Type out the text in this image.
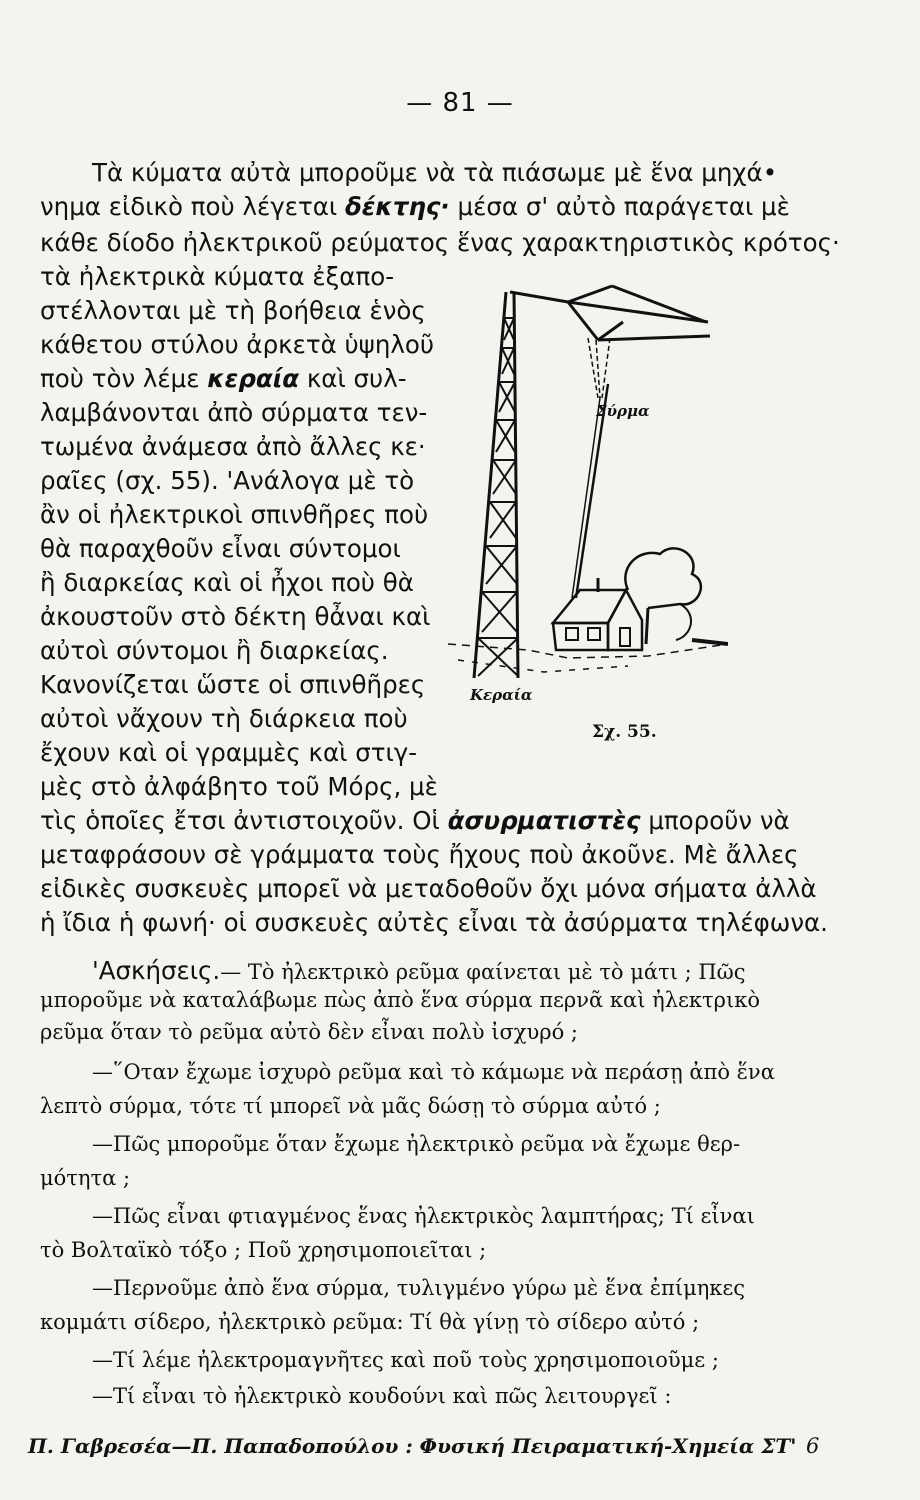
— 81 —
Τὰ κύματα αὐτὰ μποροῦμε νὰ τὰ πιάσωμε μὲ ἕνα μηχά•
νημα εἰδικὸ ποὺ λέγεται δέκτης· μέσα σ' αὐτὸ παράγεται μὲ
κάθε δίοδο ἠλεκτρικοῦ ρεύματος ἕνας χαρακτηριστικὸς κρότος·
τὰ ἠλεκτρικὰ κύματα ἐξαπο-
στέλλονται μὲ τὴ βοήθεια ἑνὸς
κάθετου στύλου ἀρκετὰ ὑψηλοῦ
ποὺ τὸν λέμε κεραία καὶ συλ-
λαμβάνονται ἀπὸ σύρματα τεν-
τωμένα ἀνάμεσα ἀπὸ ἄλλες κε·
ραῖες (σχ. 55). 'Ανάλογα μὲ τὸ
ἂν οἱ ἠλεκτρικοὶ σπινθῆρες ποὺ
θὰ παραχθοῦν εἶναι σύντομοι
ἢ διαρκείας καὶ οἱ ἦχοι ποὺ θὰ
ἀκουστοῦν στὸ δέκτη θἆναι καὶ
αὐτοὶ σύντομοι ἢ διαρκείας.
Κανονίζεται ὥστε οἱ σπινθῆρες
αὐτοὶ νἄχουν τὴ διάρκεια ποὺ
ἔχουν καὶ οἱ γραμμὲς καὶ στιγ-
μὲς στὸ ἀλφάβητο τοῦ Μόρς, μὲ
τὶς ὁποῖες ἔτσι ἀντιστοιχοῦν. Οἱ ἀσυρματιστὲς μποροῦν νὰ
μεταφράσουν σὲ γράμματα τοὺς ἤχους ποὺ ἀκοῦνε. Μὲ ἄλλες
εἰδικὲς συσκευὲς μπορεῖ νὰ μεταδοθοῦν ὄχι μόνα σήματα ἀλλὰ
ἡ ἴδια ἡ φωνή· οἱ συσκευὲς αὐτὲς εἶναι τὰ ἀσύρματα τηλέφωνα.
Σύρμα
Κεραία
Σχ. 55.
'Ασκήσεις.— Τὸ ἠλεκτρικὸ ρεῦμα φαίνεται μὲ τὸ μάτι ; Πῶς
μποροῦμε νὰ καταλάβωμε πὼς ἀπὸ ἕνα σύρμα περνᾶ καὶ ἠλεκτρικὸ
ρεῦμα ὅταν τὸ ρεῦμα αὐτὸ δὲν εἶναι πολὺ ἰσχυρό ;
—῞Οταν ἔχωμε ἰσχυρὸ ρεῦμα καὶ τὸ κάμωμε νὰ περάσῃ ἀπὸ ἕνα
λεπτὸ σύρμα, τότε τί μπορεῖ νὰ μᾶς δώσῃ τὸ σύρμα αὐτό ;
—Πῶς μποροῦμε ὅταν ἔχωμε ἠλεκτρικὸ ρεῦμα νὰ ἔχωμε θερ-
μότητα ;
—Πῶς εἶναι φτιαγμένος ἕνας ἠλεκτρικὸς λαμπτήρας; Τί εἶναι
τὸ Βολταϊκὸ τόξο ; Ποῦ χρησιμοποιεῖται ;
—Περνοῦμε ἀπὸ ἕνα σύρμα, τυλιγμένο γύρω μὲ ἕνα ἐπίμηκες
κομμάτι σίδερο, ἠλεκτρικὸ ρεῦμα: Τί θὰ γίνῃ τὸ σίδερο αὐτό ;
—Τί λέμε ἠλεκτρομαγνῆτες καὶ ποῦ τοὺς χρησιμοποιοῦμε ;
—Τί εἶναι τὸ ἠλεκτρικὸ κουδούνι καὶ πῶς λειτουργεῖ :
Π. Γαβρεσέα—Π. Παπαδοπούλου : Φυσική Πειραματική-Χημεία ΣΤ' 6
